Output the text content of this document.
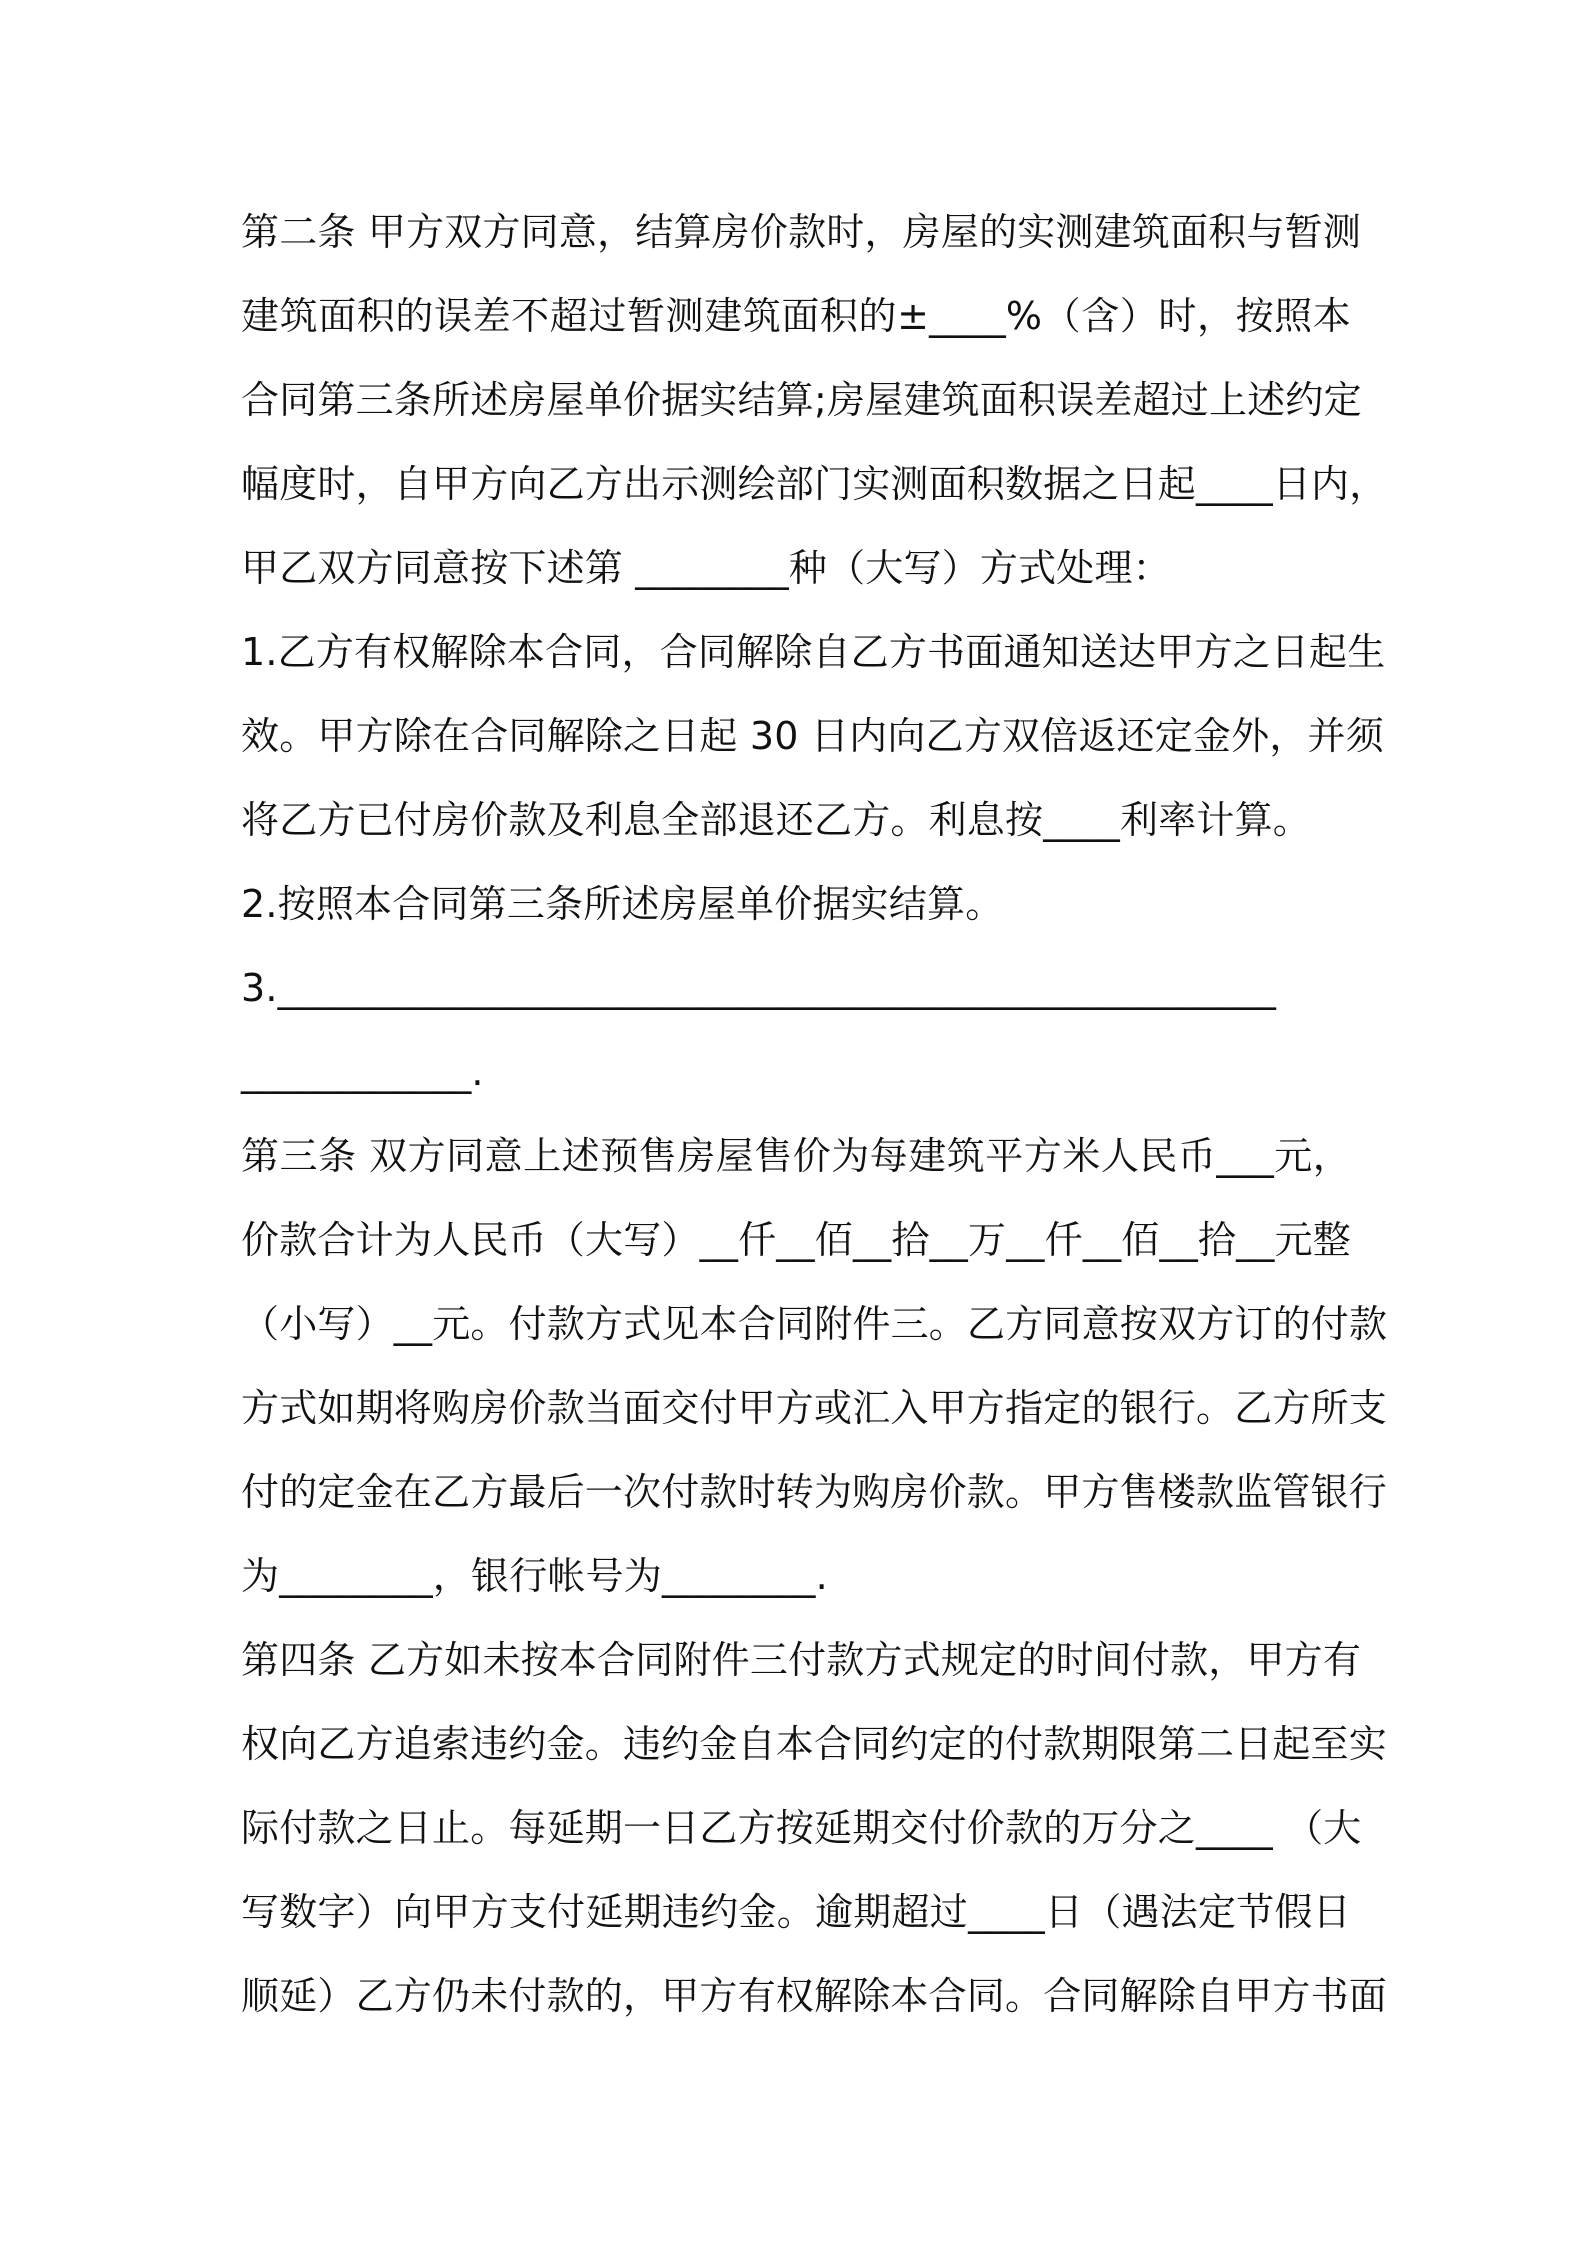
第二条 甲方双方同意，结算房价款时，房屋的实测建筑面积与暂测
建筑面积的误差不超过暂测建筑面积的±____%（含）时，按照本
合同第三条所述房屋单价据实结算;房屋建筑面积误差超过上述约定
幅度时，自甲方向乙方出示测绘部门实测面积数据之日起____日内，
甲乙双方同意按下述第 ________种（大写）方式处理：
1.乙方有权解除本合同，合同解除自乙方书面通知送达甲方之日起生
效。甲方除在合同解除之日起 30 日内向乙方双倍返还定金外，并须
将乙方已付房价款及利息全部退还乙方。利息按____利率计算。
2.按照本合同第三条所述房屋单价据实结算。
3.____________________________________________________
____________.
第三条 双方同意上述预售房屋售价为每建筑平方米人民币___元，
价款合计为人民币（大写）__仟__佰__拾__万__仟__佰__拾__元整
（小写）__元。付款方式见本合同附件三。乙方同意按双方订的付款
方式如期将购房价款当面交付甲方或汇入甲方指定的银行。乙方所支
付的定金在乙方最后一次付款时转为购房价款。甲方售楼款监管银行
为________，银行帐号为________.
第四条 乙方如未按本合同附件三付款方式规定的时间付款，甲方有
权向乙方追索违约金。违约金自本合同约定的付款期限第二日起至实
际付款之日止。每延期一日乙方按延期交付价款的万分之____ （大
写数字）向甲方支付延期违约金。逾期超过____日（遇法定节假日
顺延）乙方仍未付款的，甲方有权解除本合同。合同解除自甲方书面
